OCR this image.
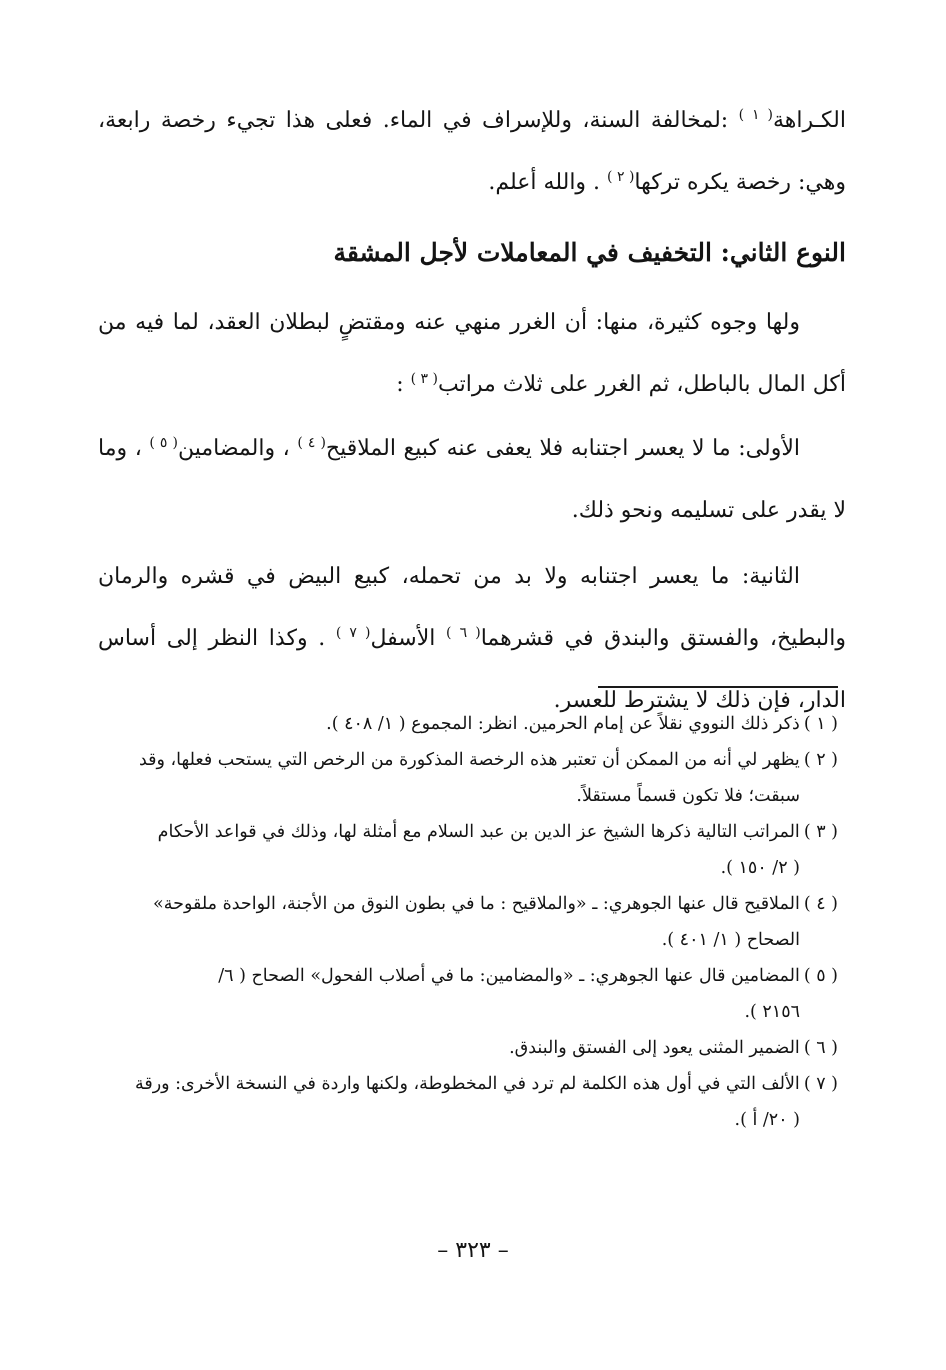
الكـراهة$^{( ١ )}$ :لمخالفة السنة، وللإسراف في الماء. فعلى هذا تجيء رخصة رابعة، وهي: رخصة يكره تركها$^{( ٢ )}$ . والله أعلم.

النوع الثاني: التخفيف في المعاملات لأجل المشقة

ولها وجوه كثيرة، منها: أن الغرر منهي عنه ومقتضٍ لبطلان العقد، لما فيه من أكل المال بالباطل، ثم الغرر على ثلاث مراتب$^{( ٣ )}$ :

الأولى: ما لا يعسر اجتنابه فلا يعفى عنه كبيع الملاقيح$^{( ٤ )}$ ، والمضامين$^{( ٥ )}$ ، وما لا يقدر على تسليمه ونحو ذلك.

الثانية: ما يعسر اجتنابه ولا بد من تحمله، كبيع البيض في قشره والرمان والبطيخ، والفستق والبندق في قشرهما$^{( ٦ )}$ الأسفل$^{( ٧ )}$ . وكذا النظر إلى أساس الدار، فإن ذلك لا يشترط للعسر.

( ١ )ذكر ذلك النووي نقلاً عن إمام الحرمين. انظر: المجموع ( ١/ ٤٠٨ ).

( ٢ )يظهر لي أنه من الممكن أن تعتبر هذه الرخصة المذكورة من الرخص التي يستحب فعلها، وقد
سبقت؛ فلا تكون قسماً مستقلاً.

( ٣ )المراتب التالية ذكرها الشيخ عز الدين بن عبد السلام مع أمثلة لها، وذلك في قواعد الأحكام
( ٢/ ١٥٠ ).

( ٤ )الملاقيح قال عنها الجوهري: ـ «والملاقيح : ما في بطون النوق من الأجنة، الواحدة ملقوحة»
الصحاح ( ١/ ٤٠١ ).

( ٥ )المضامين قال عنها الجوهري: ـ «والمضامين: ما في أصلاب الفحول» الصحاح ( ٦/
٢١٥٦ ).

( ٦ )الضمير المثنى يعود إلى الفستق والبندق.

( ٧ )الألف التي في أول هذه الكلمة لم ترد في المخطوطة، ولكنها واردة في النسخة الأخرى: ورقة
( ٢٠/ أ ).

– ٣٢٣ –
